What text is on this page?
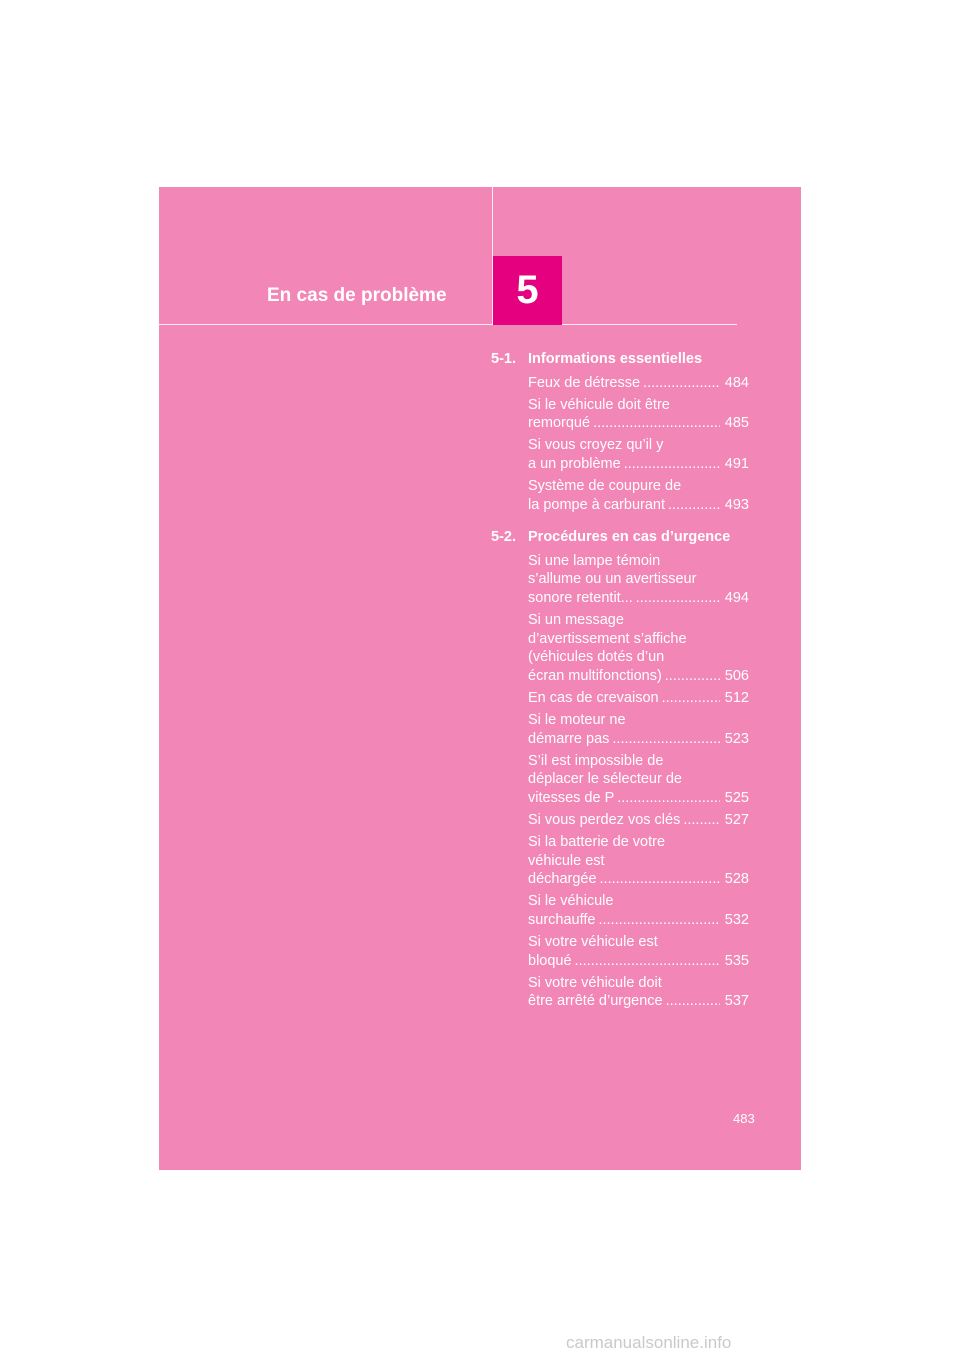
En cas de problème	5
5-1. Informations essentielles
Feux de détresse .....	484
Si le véhicule doit être
remorqué .....	485
Si vous croyez qu’il y
a un problème .....	491
Système de coupure de
la pompe à carburant .....	493
5-2. Procédures en cas d’urgence
Si une lampe témoin
s’allume ou un avertisseur
sonore retentit... .....	494
Si un message
d’avertissement s’affiche
(véhicules dotés d’un
écran multifonctions) .....	506
En cas de crevaison .....	512
Si le moteur ne
démarre pas .....	523
S’il est impossible de
déplacer le sélecteur de
vitesses de P .....	525
Si vous perdez vos clés .....	527
Si la batterie de votre
véhicule est
déchargée .....	528
Si le véhicule
surchauffe .....	532
Si votre véhicule est
bloqué .....	535
Si votre véhicule doit
être arrêté d’urgence .....	537
483
carmanualsonline.info
